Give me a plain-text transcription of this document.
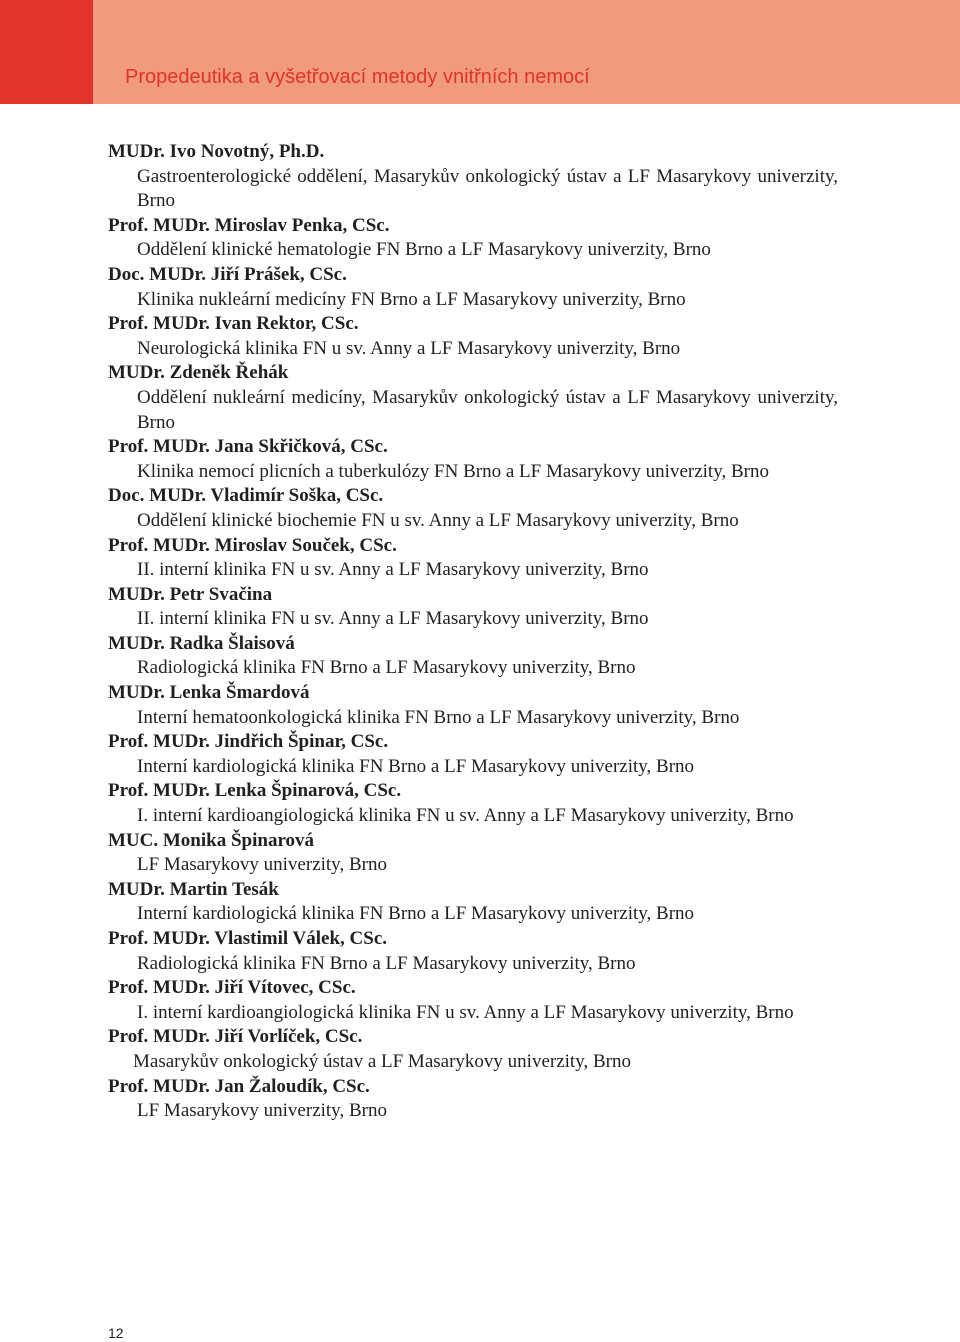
Propedeutika a vyšetřovací metody vnitřních nemocí
MUDr. Ivo Novotný, Ph.D.
Gastroenterologické oddělení, Masarykův onkologický ústav a LF Masarykovy univerzity, Brno
Prof. MUDr. Miroslav Penka, CSc.
Oddělení klinické hematologie FN Brno a LF Masarykovy univerzity, Brno
Doc. MUDr. Jiří Prášek, CSc.
Klinika nukleární medicíny FN Brno a LF Masarykovy univerzity, Brno
Prof. MUDr. Ivan Rektor, CSc.
Neurologická klinika FN u sv. Anny a LF Masarykovy univerzity, Brno
MUDr. Zdeněk Řehák
Oddělení nukleární medicíny, Masarykův onkologický ústav a LF Masarykovy univerzity, Brno
Prof. MUDr. Jana Skřičková, CSc.
Klinika nemocí plicních a tuberkulózy FN Brno a LF Masarykovy univerzity, Brno
Doc. MUDr. Vladimír Soška, CSc.
Oddělení klinické biochemie FN u sv. Anny a LF Masarykovy univerzity, Brno
Prof. MUDr. Miroslav Souček, CSc.
II. interní klinika FN u sv. Anny a LF Masarykovy univerzity, Brno
MUDr. Petr Svačina
II. interní klinika FN u sv. Anny a LF Masarykovy univerzity, Brno
MUDr. Radka Šlaisová
Radiologická klinika FN Brno a LF Masarykovy univerzity, Brno
MUDr. Lenka Šmardová
Interní hematoonkologická klinika FN Brno a LF Masarykovy univerzity, Brno
Prof. MUDr. Jindřich Špinar, CSc.
Interní kardiologická klinika FN Brno a LF Masarykovy univerzity, Brno
Prof. MUDr. Lenka Špinarová, CSc.
I. interní kardioangiologická klinika FN u sv. Anny a LF Masarykovy univerzity, Brno
MUC. Monika Špinarová
LF Masarykovy univerzity, Brno
MUDr. Martin Tesák
Interní kardiologická klinika FN Brno a LF Masarykovy univerzity, Brno
Prof. MUDr. Vlastimil Válek, CSc.
Radiologická klinika FN Brno a LF Masarykovy univerzity, Brno
Prof. MUDr. Jiří Vítovec, CSc.
I. interní kardioangiologická klinika FN u sv. Anny a LF Masarykovy univerzity, Brno
Prof. MUDr. Jiří Vorlíček, CSc.
Masarykův onkologický ústav a LF Masarykovy univerzity, Brno
Prof. MUDr. Jan Žaloudík, CSc.
LF Masarykovy univerzity, Brno
12
